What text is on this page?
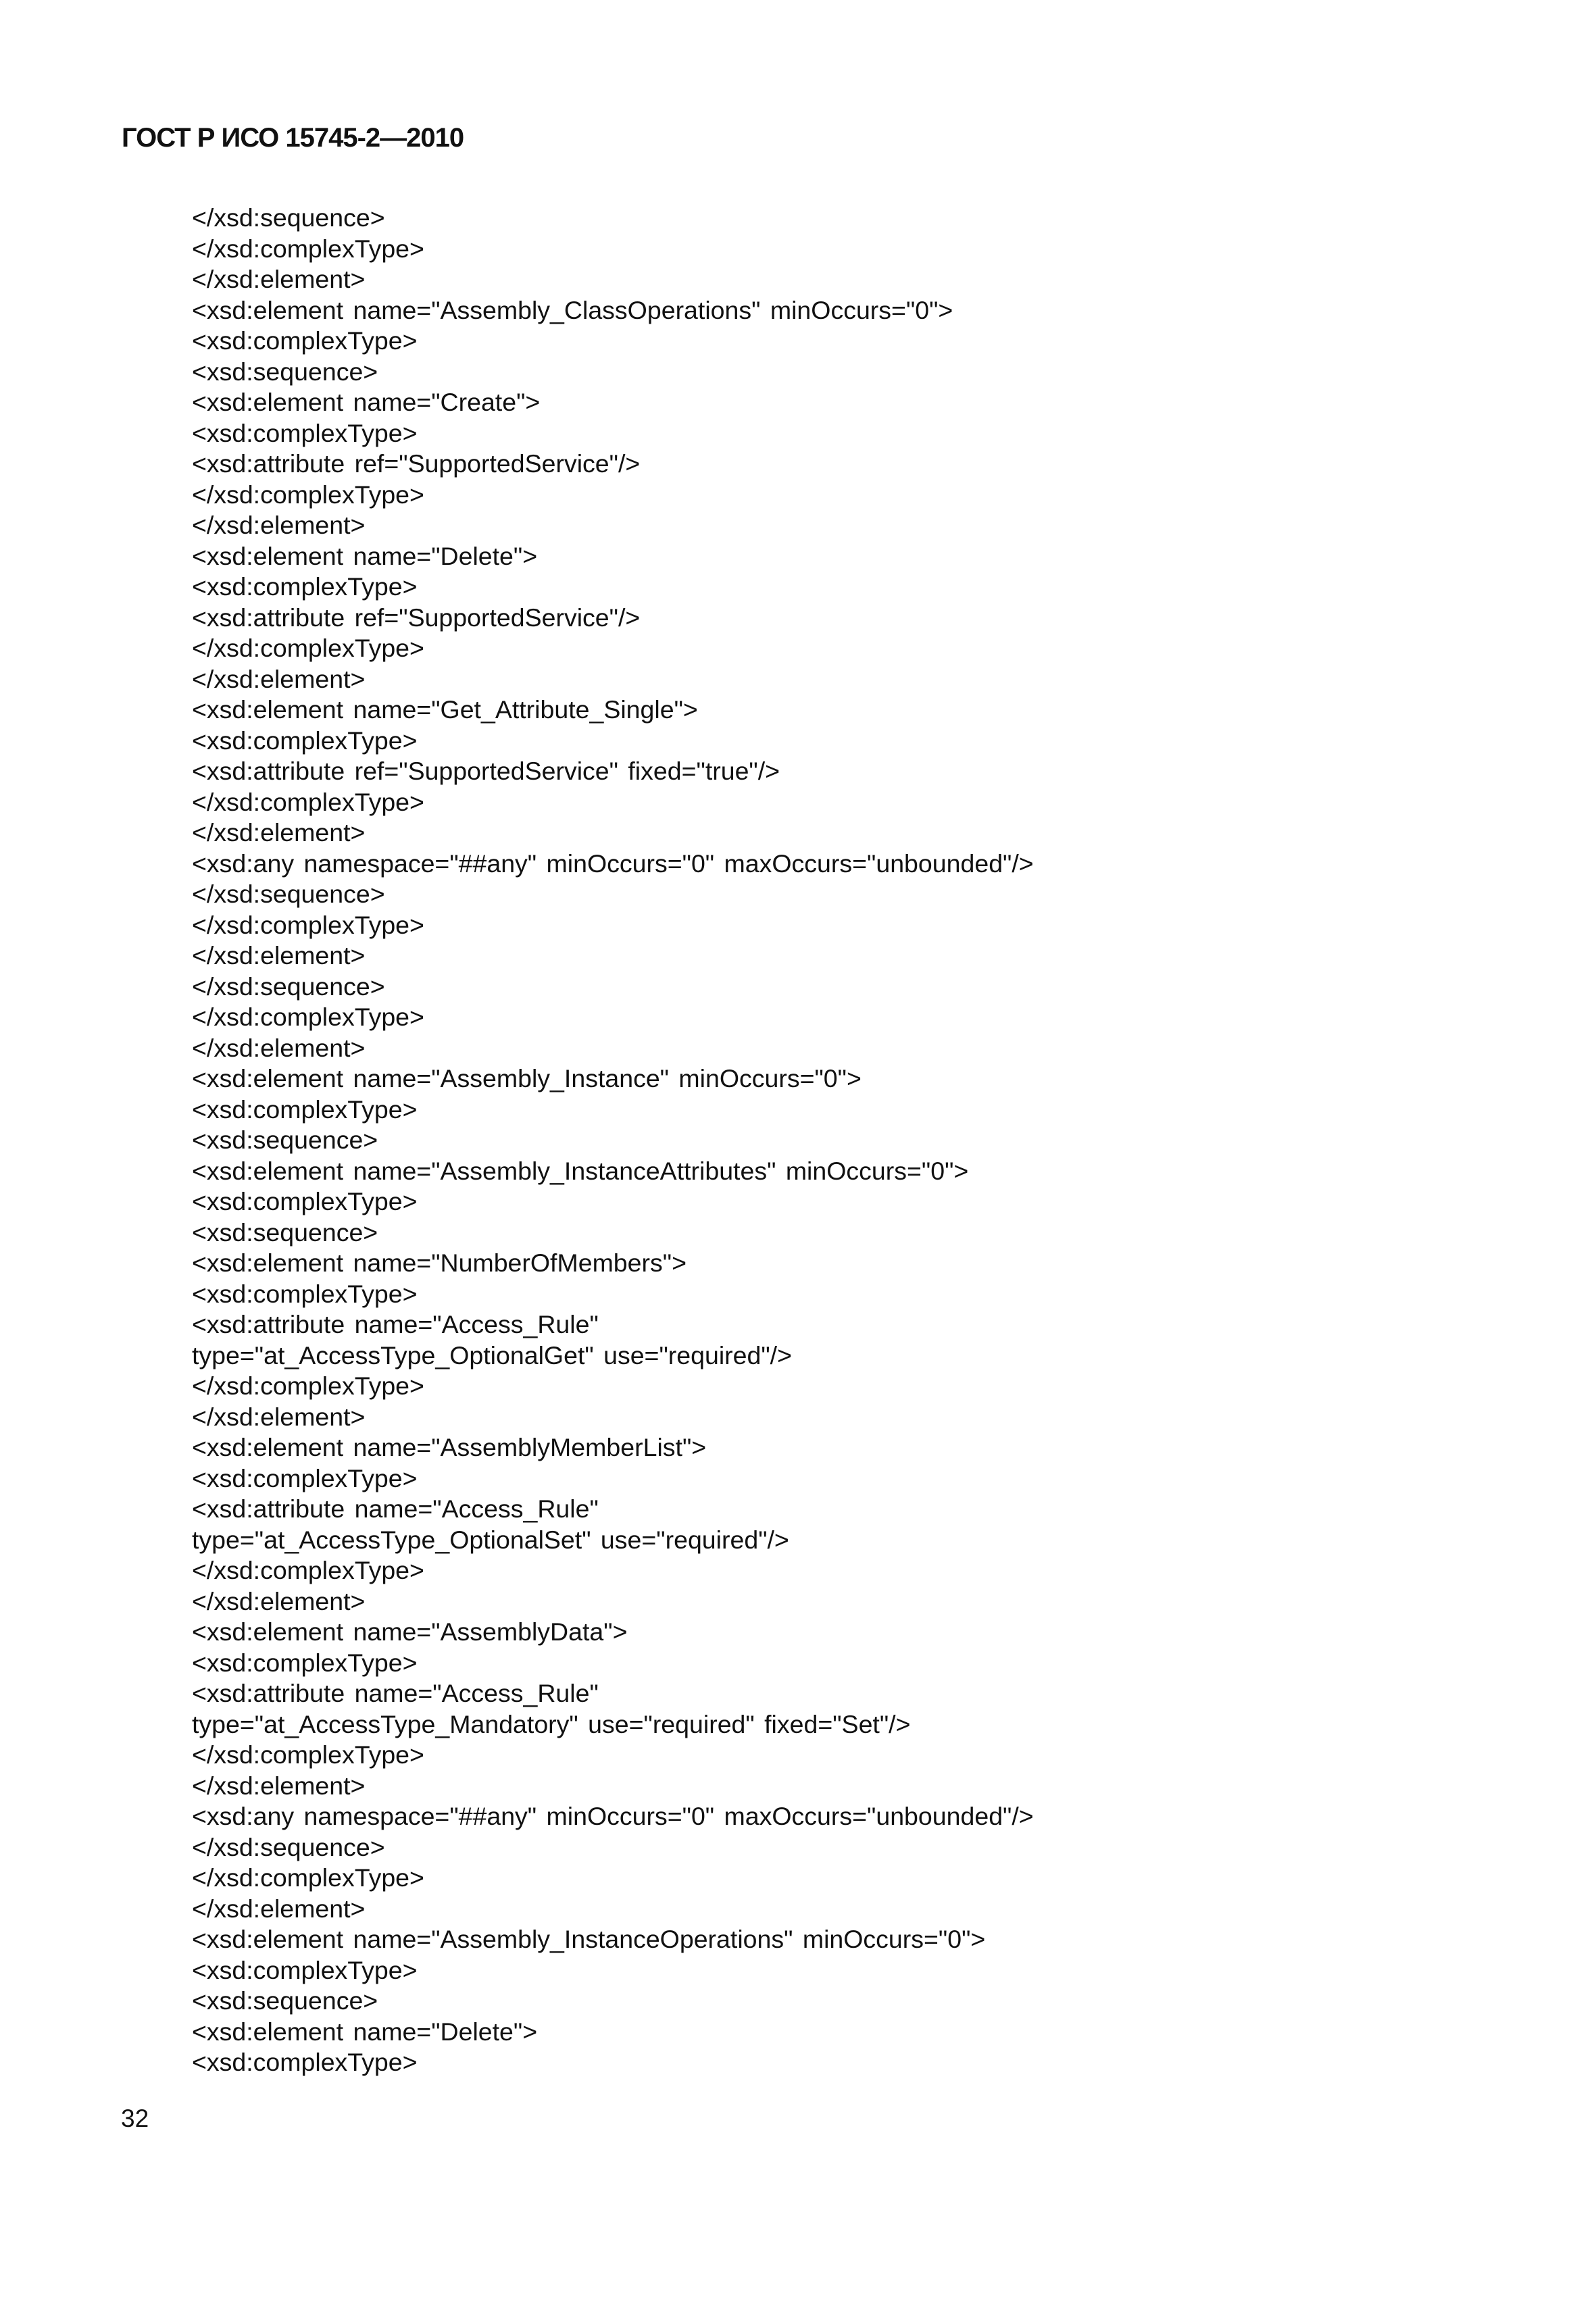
ГОСТ Р ИСО 15745-2—2010
</xsd:sequence>
</xsd:complexType>
</xsd:element>
<xsd:element name="Assembly_ClassOperations" minOccurs="0">
<xsd:complexType>
<xsd:sequence>
<xsd:element name="Create">
<xsd:complexType>
<xsd:attribute ref="SupportedService"/>
</xsd:complexType>
</xsd:element>
<xsd:element name="Delete">
<xsd:complexType>
<xsd:attribute ref="SupportedService"/>
</xsd:complexType>
</xsd:element>
<xsd:element name="Get_Attribute_Single">
<xsd:complexType>
<xsd:attribute ref="SupportedService" fixed="true"/>
</xsd:complexType>
</xsd:element>
<xsd:any namespace="##any" minOccurs="0" maxOccurs="unbounded"/>
</xsd:sequence>
</xsd:complexType>
</xsd:element>
</xsd:sequence>
</xsd:complexType>
</xsd:element>
<xsd:element name="Assembly_Instance" minOccurs="0">
<xsd:complexType>
<xsd:sequence>
<xsd:element name="Assembly_InstanceAttributes" minOccurs="0">
<xsd:complexType>
<xsd:sequence>
<xsd:element name="NumberOfMembers">
<xsd:complexType>
<xsd:attribute name="Access_Rule"
type="at_AccessType_OptionalGet" use="required"/>
</xsd:complexType>
</xsd:element>
<xsd:element name="AssemblyMemberList">
<xsd:complexType>
<xsd:attribute name="Access_Rule"
type="at_AccessType_OptionalSet" use="required"/>
</xsd:complexType>
</xsd:element>
<xsd:element name="AssemblyData">
<xsd:complexType>
<xsd:attribute name="Access_Rule"
type="at_AccessType_Mandatory" use="required" fixed="Set"/>
</xsd:complexType>
</xsd:element>
<xsd:any namespace="##any" minOccurs="0" maxOccurs="unbounded"/>
</xsd:sequence>
</xsd:complexType>
</xsd:element>
<xsd:element name="Assembly_InstanceOperations" minOccurs="0">
<xsd:complexType>
<xsd:sequence>
<xsd:element name="Delete">
<xsd:complexType>
32
